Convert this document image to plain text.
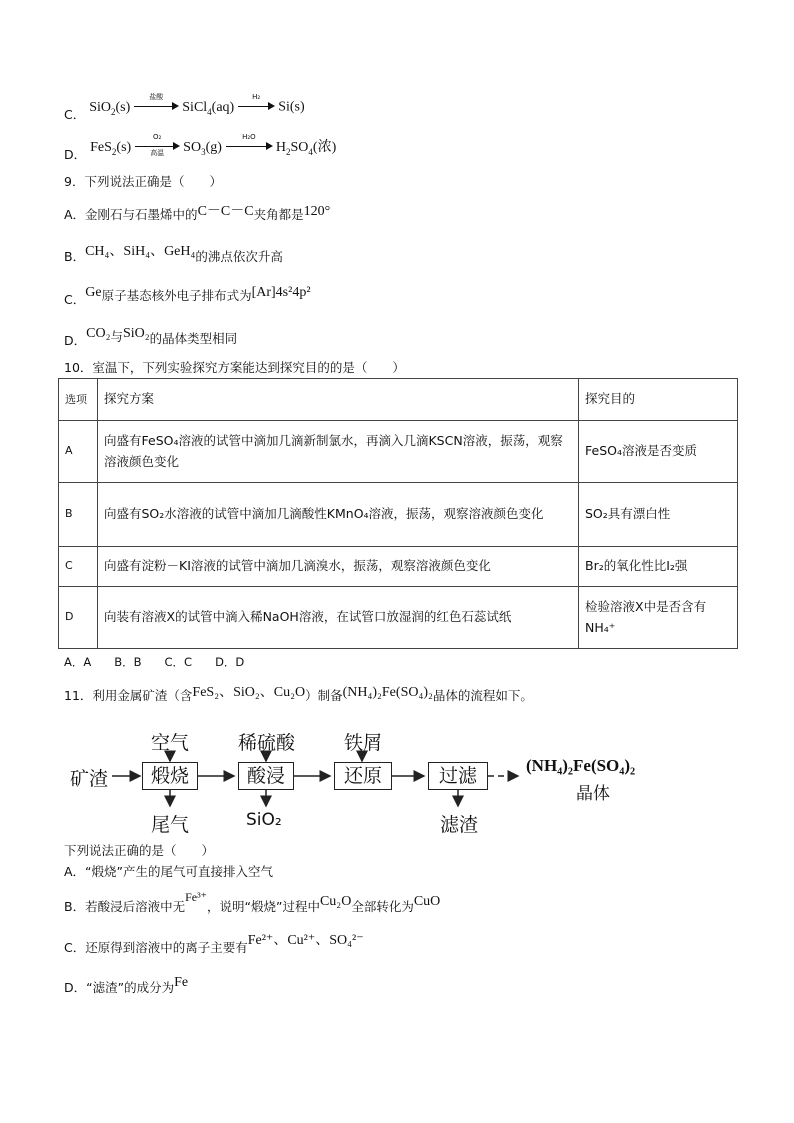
C． SiO$_2$(s)
盐酸
SiCl$_4$(aq)
H₂
Si(s)
D． FeS$_2$(s)
O₂
高温	$SO_3(g)$
H₂O
$H_2SO_4$(浓)
9．下列说法正确是（　　）
A．金刚石与石墨烯中的C－C－C夹角都是120°
B．CH₄、SiH₄、GeH₄的沸点依次升高
C．Ge原子基态核外电子排布式为[Ar]4s²4p²
D．CO₂与SiO₂的晶体类型相同
10．室温下，下列实验探究方案能达到探究目的的是（　　）
选项	探究方案	探究目的
A	向盛有FeSO₄溶液的试管中滴加几滴新制氯水，再滴入几滴KSCN溶液，振荡，观察溶液颜色变化	FeSO₄溶液是否变质
B	向盛有SO₂水溶液的试管中滴加几滴酸性KMnO₄溶液，振荡，观察溶液颜色变化	SO₂具有漂白性
C	向盛有淀粉－KI溶液的试管中滴加几滴溴水，振荡，观察溶液颜色变化	Br₂的氧化性比I₂强
D	向装有溶液X的试管中滴入稀NaOH溶液，在试管口放湿润的红色石蕊试纸	检验溶液X中是否含有NH₄⁺
A．A　　B．B　　C．C　　D．D
11．利用金属矿渣（含FeS₂、SiO₂、Cu₂O）制备(NH₄)₂Fe(SO₄)₂晶体的流程如下。
矿渣	煅烧
空气
尾气
酸浸
稀硫酸
SiO₂
还原
铁屑
过滤
滤渣
(NH₄)₂Fe(SO₄)₂
晶体
下列说法正确的是（　　）
A．“煅烧”产生的尾气可直接排入空气
B．若酸浸后溶液中无Fe³⁺，说明“煅烧”过程中Cu₂O全部转化为CuO
C．还原得到溶液中的离子主要有Fe²⁺、Cu²⁺、SO₄²⁻
D．“滤渣”的成分为Fe
